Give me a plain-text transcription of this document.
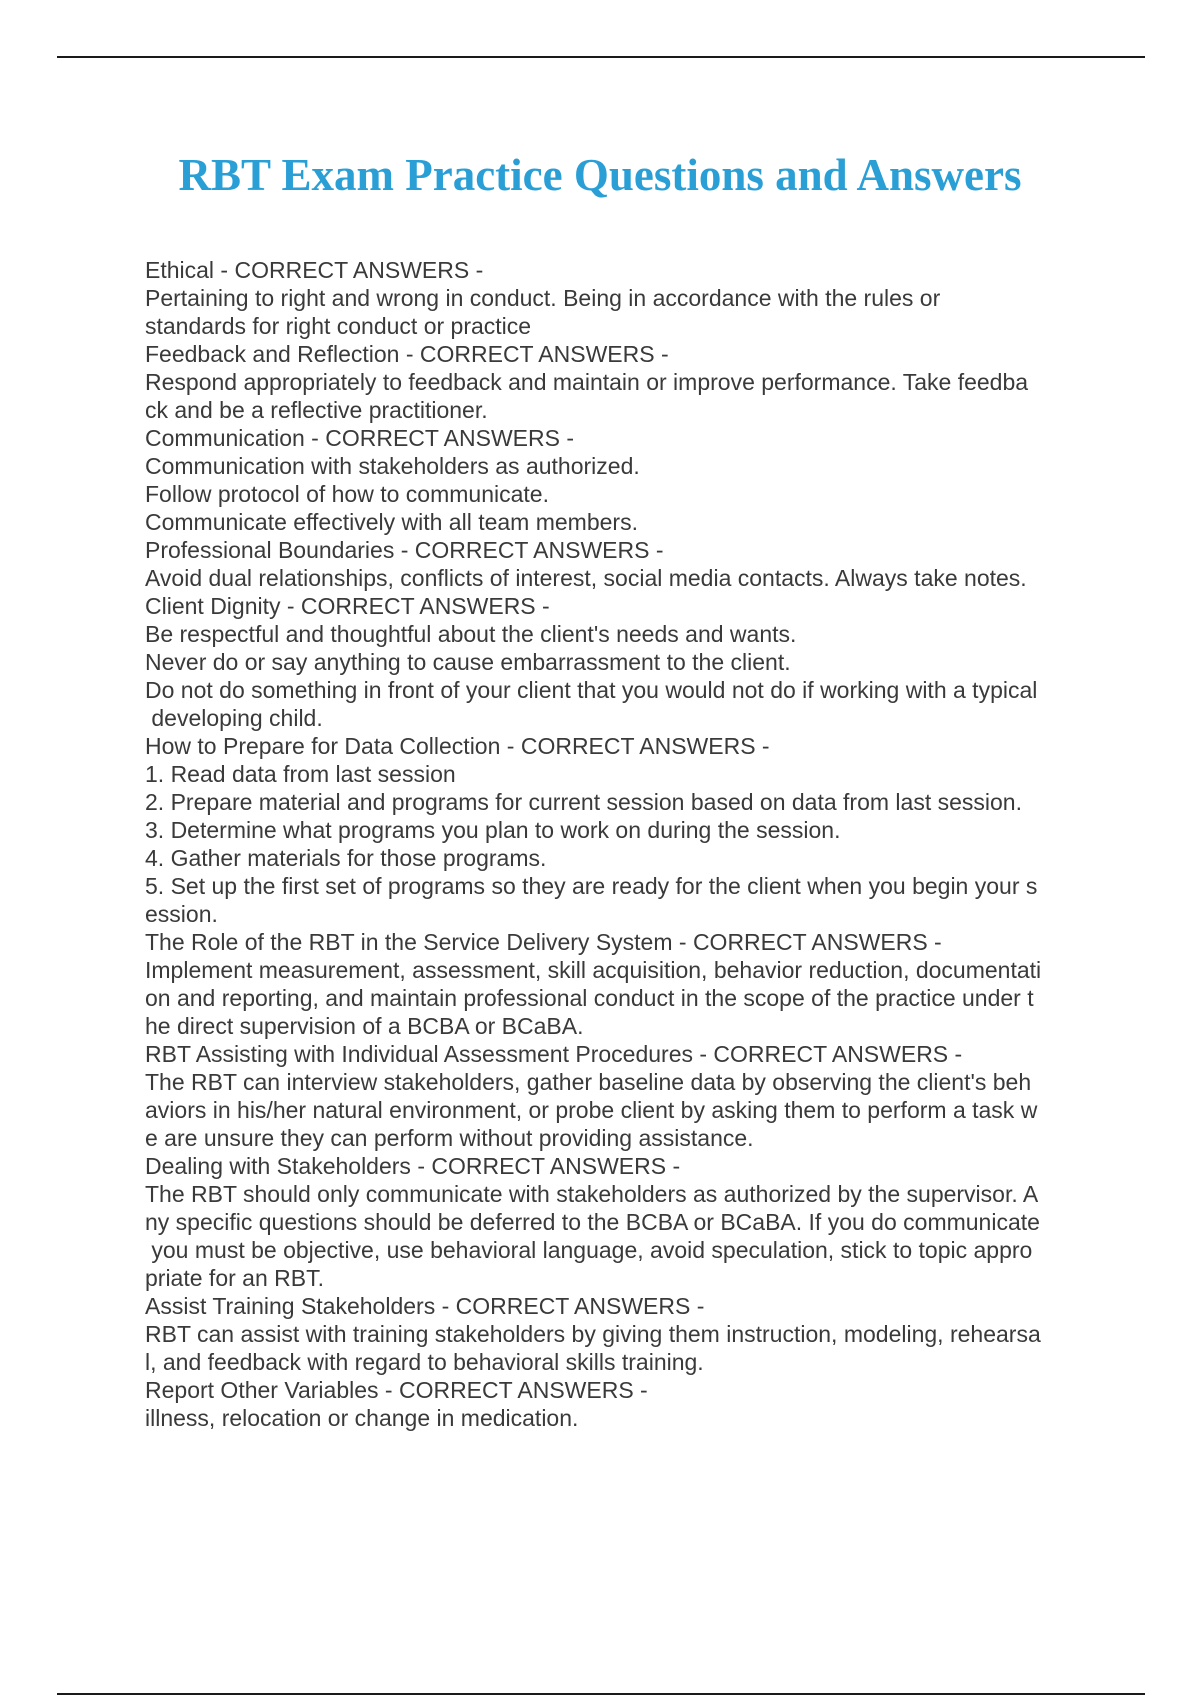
RBT Exam Practice Questions and Answers
Ethical - CORRECT ANSWERS -
Pertaining to right and wrong in conduct. Being in accordance with the rules or
standards for right conduct or practice
Feedback and Reflection - CORRECT ANSWERS -
Respond appropriately to feedback and maintain or improve performance. Take feedba
ck and be a reflective practitioner.
Communication - CORRECT ANSWERS -
Communication with stakeholders as authorized.
Follow protocol of how to communicate.
Communicate effectively with all team members.
Professional Boundaries - CORRECT ANSWERS -
Avoid dual relationships, conflicts of interest, social media contacts. Always take notes.
Client Dignity - CORRECT ANSWERS -
Be respectful and thoughtful about the client's needs and wants.
Never do or say anything to cause embarrassment to the client.
Do not do something in front of your client that you would not do if working with a typical
developing child.
How to Prepare for Data Collection - CORRECT ANSWERS -
1. Read data from last session
2. Prepare material and programs for current session based on data from last session.
3. Determine what programs you plan to work on during the session.
4. Gather materials for those programs.
5. Set up the first set of programs so they are ready for the client when you begin your s
ession.
The Role of the RBT in the Service Delivery System - CORRECT ANSWERS -
Implement measurement, assessment, skill acquisition, behavior reduction, documentati
on and reporting, and maintain professional conduct in the scope of the practice under t
he direct supervision of a BCBA or BCaBA.
RBT Assisting with Individual Assessment Procedures - CORRECT ANSWERS -
The RBT can interview stakeholders, gather baseline data by observing the client's beh
aviors in his/her natural environment, or probe client by asking them to perform a task w
e are unsure they can perform without providing assistance.
Dealing with Stakeholders - CORRECT ANSWERS -
The RBT should only communicate with stakeholders as authorized by the supervisor. A
ny specific questions should be deferred to the BCBA or BCaBA. If you do communicate
you must be objective, use behavioral language, avoid speculation, stick to topic appro
priate for an RBT.
Assist Training Stakeholders - CORRECT ANSWERS -
RBT can assist with training stakeholders by giving them instruction, modeling, rehearsa
l, and feedback with regard to behavioral skills training.
Report Other Variables - CORRECT ANSWERS -
illness, relocation or change in medication.
